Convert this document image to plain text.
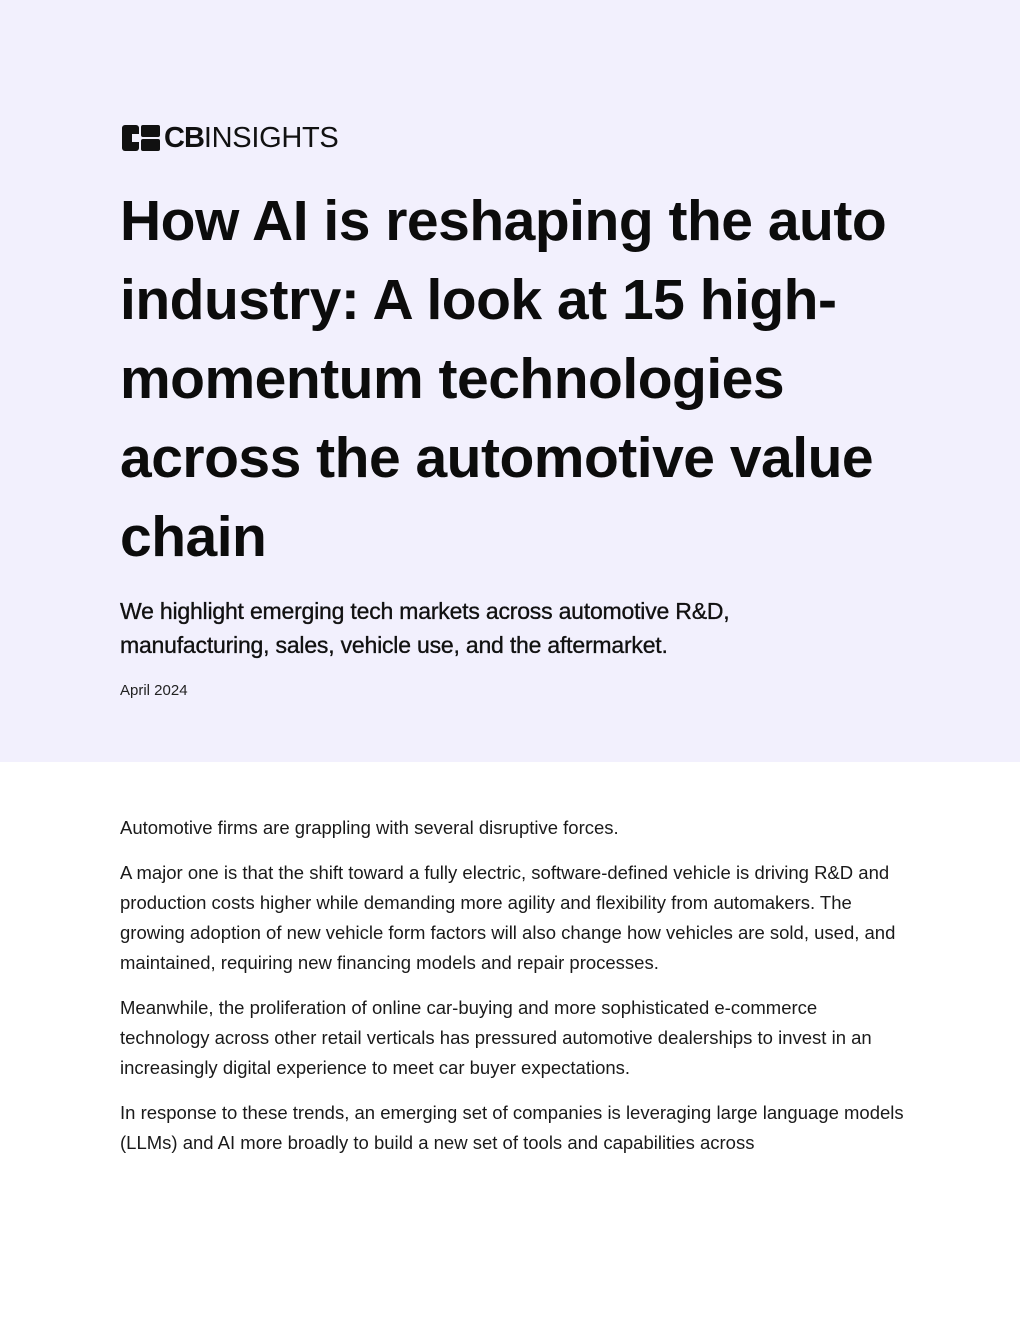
CBINSIGHTS
How AI is reshaping the auto industry: A look at 15 high-momentum technologies across the automotive value chain

We highlight emerging tech markets across automotive R&D, manufacturing, sales, vehicle use, and the aftermarket.

April 2024

Automotive firms are grappling with several disruptive forces.

A major one is that the shift toward a fully electric, software-defined vehicle is driving R&D and production costs higher while demanding more agility and flexibility from automakers. The growing adoption of new vehicle form factors will also change how vehicles are sold, used, and maintained, requiring new financing models and repair processes.

Meanwhile, the proliferation of online car-buying and more sophisticated e-commerce technology across other retail verticals has pressured automotive dealerships to invest in an increasingly digital experience to meet car buyer expectations.

In response to these trends, an emerging set of companies is leveraging large language models (LLMs) and AI more broadly to build a new set of tools and capabilities across
